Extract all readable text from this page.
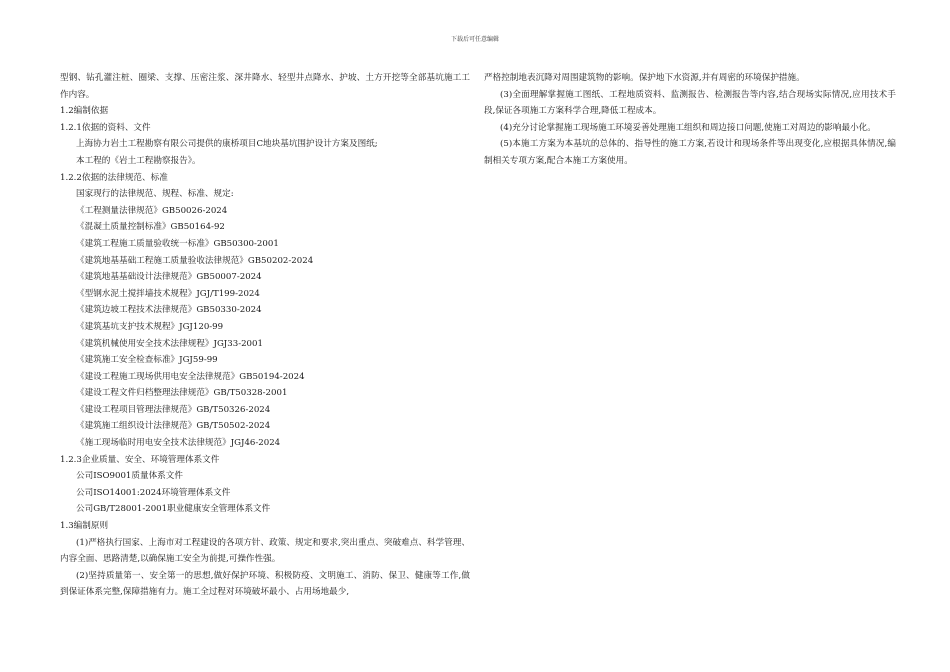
下载后可任意编辑
型钢、钻孔灌注桩、圈梁、支撑、压密注浆、深井降水、轻型井点降水、护坡、土方开挖等全部基坑施工工作内容。
1.2编制依据
1.2.1依据的资料、文件
上海协力岩土工程勘察有限公司提供的康桥项目C地块基坑围护设计方案及图纸;
本工程的《岩土工程勘察报告》。
1.2.2依据的法律规范、标准
国家现行的法律规范、规程、标准、规定:
《工程测量法律规范》GB50026-2024
《混凝土质量控制标准》GB50164-92
《建筑工程施工质量验收统一标准》GB50300-2001
《建筑地基基础工程施工质量验收法律规范》GB50202-2024
《建筑地基基础设计法律规范》GB50007-2024
《型钢水泥土搅拌墙技术规程》JGJ/T199-2024
《建筑边坡工程技术法律规范》GB50330-2024
《建筑基坑支护技术规程》JGJ120-99
《建筑机械使用安全技术法律规程》JGJ33-2001
《建筑施工安全检查标准》JGJ59-99
《建设工程施工现场供用电安全法律规范》GB50194-2024
《建设工程文件归档整理法律规范》GB/T50328-2001
《建设工程项目管理法律规范》GB/T50326-2024
《建筑施工组织设计法律规范》GB/T50502-2024
《施工现场临时用电安全技术法律规范》JGJ46-2024
1.2.3企业质量、安全、环境管理体系文件
公司ISO9001质量体系文件
公司ISO14001:2024环境管理体系文件
公司GB/T28001-2001职业健康安全管理体系文件
1.3编制原则
(1)严格执行国家、上海市对工程建设的各项方针、政策、规定和要求,突出重点、突破难点、科学管理、内容全面、思路清楚,以确保施工安全为前提,可操作性强。
(2)坚持质量第一、安全第一的思想,做好保护环境、积极防疫、文明施工、消防、保卫、健康等工作,做到保证体系完整,保障措施有力。施工全过程对环境破坏最小、占用场地最少,
严格控制地表沉降对周围建筑物的影响。保护地下水资源,并有周密的环境保护措施。
(3)全面理解掌握施工图纸、工程地质资料、监测报告、检测报告等内容,结合现场实际情况,应用技术手段,保证各项施工方案科学合理,降低工程成本。
(4)充分讨论掌握施工现场施工环境妥善处理施工组织和周边接口问题,使施工对周边的影响最小化。
(5)本施工方案为本基坑的总体的、指导性的施工方案,若设计和现场条件等出现变化,应根据具体情况,编制相关专项方案,配合本施工方案使用。
